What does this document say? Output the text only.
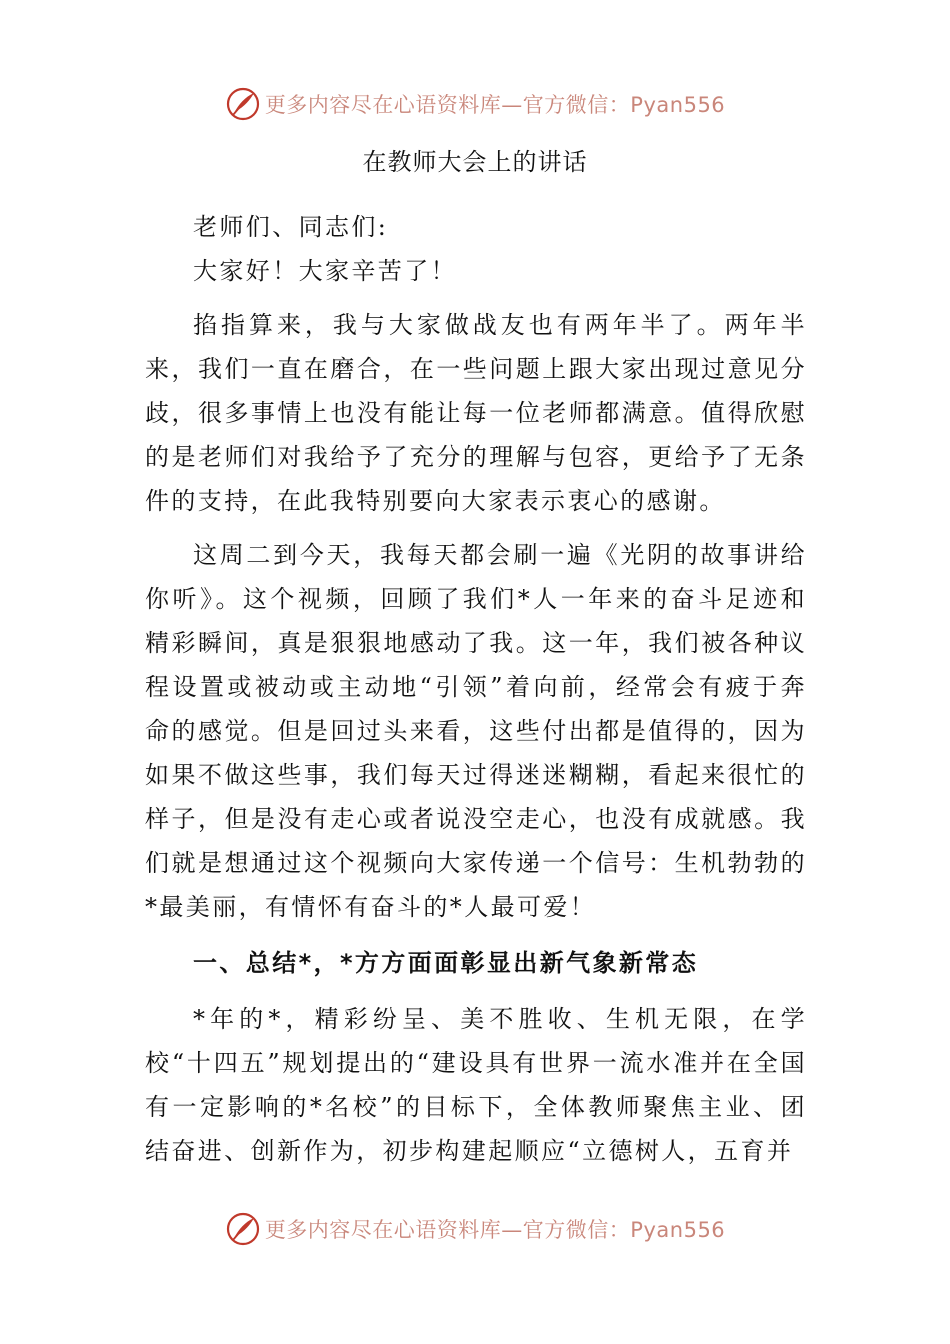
更多内容尽在心语资料库—官方微信：Pyan556
在教师大会上的讲话

老师们、同志们:

大家好！大家辛苦了！

掐指算来，我与大家做战友也有两年半了。两年半来，我们一直在磨合，在一些问题上跟大家出现过意见分歧，很多事情上也没有能让每一位老师都满意。值得欣慰的是老师们对我给予了充分的理解与包容，更给予了无条件的支持，在此我特别要向大家表示衷心的感谢。

这周二到今天，我每天都会刷一遍《光阴的故事讲给你听》。这个视频，回顾了我们*人一年来的奋斗足迹和精彩瞬间，真是狠狠地感动了我。这一年，我们被各种议程设置或被动或主动地“引领”着向前，经常会有疲于奔命的感觉。但是回过头来看，这些付出都是值得的，因为如果不做这些事，我们每天过得迷迷糊糊，看起来很忙的样子，但是没有走心或者说没空走心，也没有成就感。我们就是想通过这个视频向大家传递一个信号：生机勃勃的*最美丽，有情怀有奋斗的*人最可爱！

一、总结*，*方方面面彰显出新气象新常态

*年的*，精彩纷呈、美不胜收、生机无限，在学校“十四五”规划提出的“建设具有世界一流水准并在全国有一定影响的*名校”的目标下，全体教师聚焦主业、团结奋进、创新作为，初步构建起顺应“立德树人，五育并

更多内容尽在心语资料库—官方微信：Pyan556
